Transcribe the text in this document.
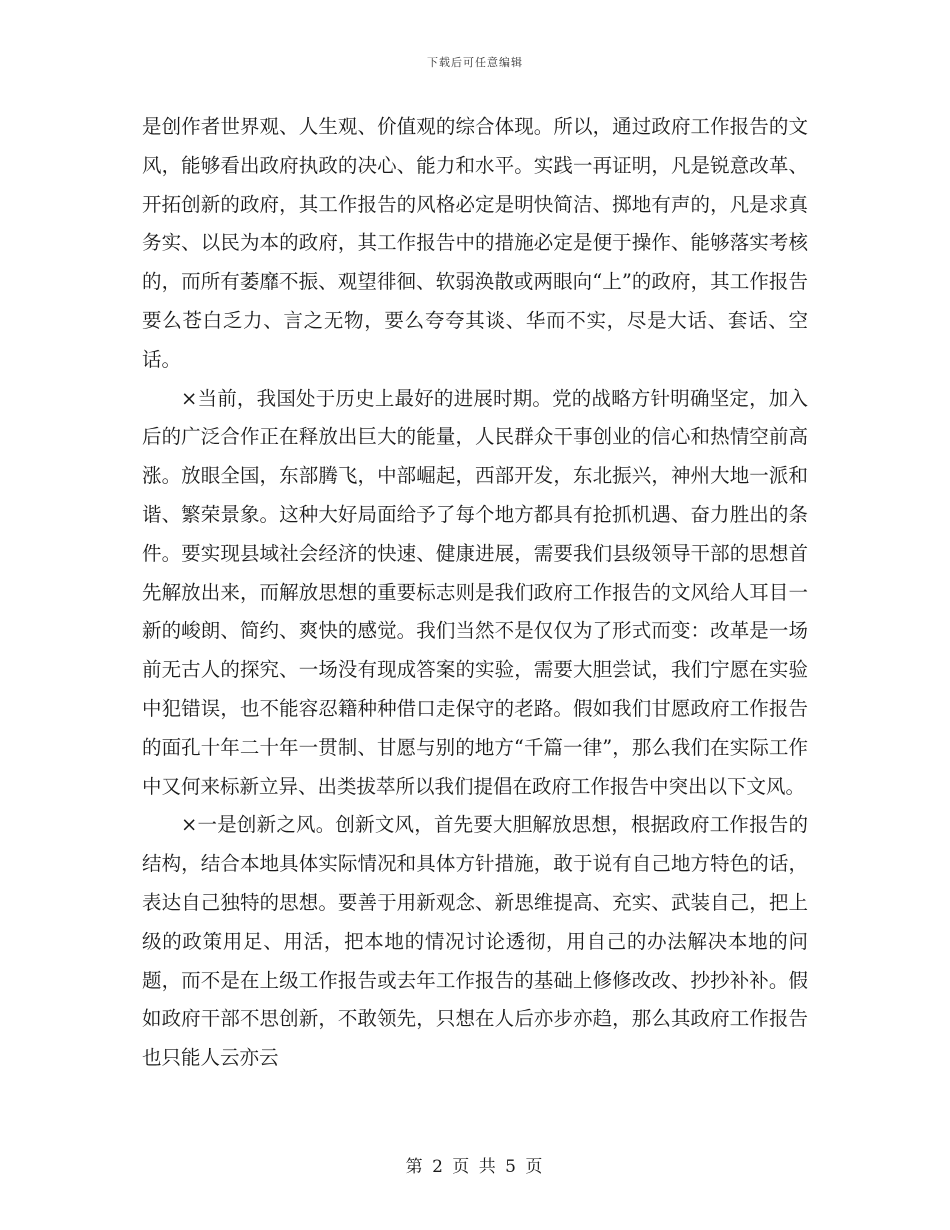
下载后可任意编辑

是创作者世界观、人生观、价值观的综合体现。所以，通过政府工作报告的文风，能够看出政府执政的决心、能力和水平。实践一再证明，凡是锐意改革、开拓创新的政府，其工作报告的风格必定是明快简洁、掷地有声的，凡是求真务实、以民为本的政府，其工作报告中的措施必定是便于操作、能够落实考核的，而所有萎靡不振、观望徘徊、软弱涣散或两眼向“上”的政府，其工作报告要么苍白乏力、言之无物，要么夸夸其谈、华而不实，尽是大话、套话、空话。

×当前，我国处于历史上最好的进展时期。党的战略方针明确坚定，加入后的广泛合作正在释放出巨大的能量，人民群众干事创业的信心和热情空前高涨。放眼全国，东部腾飞，中部崛起，西部开发，东北振兴，神州大地一派和谐、繁荣景象。这种大好局面给予了每个地方都具有抢抓机遇、奋力胜出的条件。要实现县域社会经济的快速、健康进展，需要我们县级领导干部的思想首先解放出来，而解放思想的重要标志则是我们政府工作报告的文风给人耳目一新的峻朗、简约、爽快的感觉。我们当然不是仅仅为了形式而变：改革是一场前无古人的探究、一场没有现成答案的实验，需要大胆尝试，我们宁愿在实验中犯错误，也不能容忍籍种种借口走保守的老路。假如我们甘愿政府工作报告的面孔十年二十年一贯制、甘愿与别的地方“千篇一律”，那么我们在实际工作中又何来标新立异、出类拔萃所以我们提倡在政府工作报告中突出以下文风。

×一是创新之风。创新文风，首先要大胆解放思想，根据政府工作报告的结构，结合本地具体实际情况和具体方针措施，敢于说有自己地方特色的话，表达自己独特的思想。要善于用新观念、新思维提高、充实、武装自己，把上级的政策用足、用活，把本地的情况讨论透彻，用自己的办法解决本地的问题，而不是在上级工作报告或去年工作报告的基础上修修改改、抄抄补补。假如政府干部不思创新，不敢领先，只想在人后亦步亦趋，那么其政府工作报告也只能人云亦云

第 2 页 共 5 页
